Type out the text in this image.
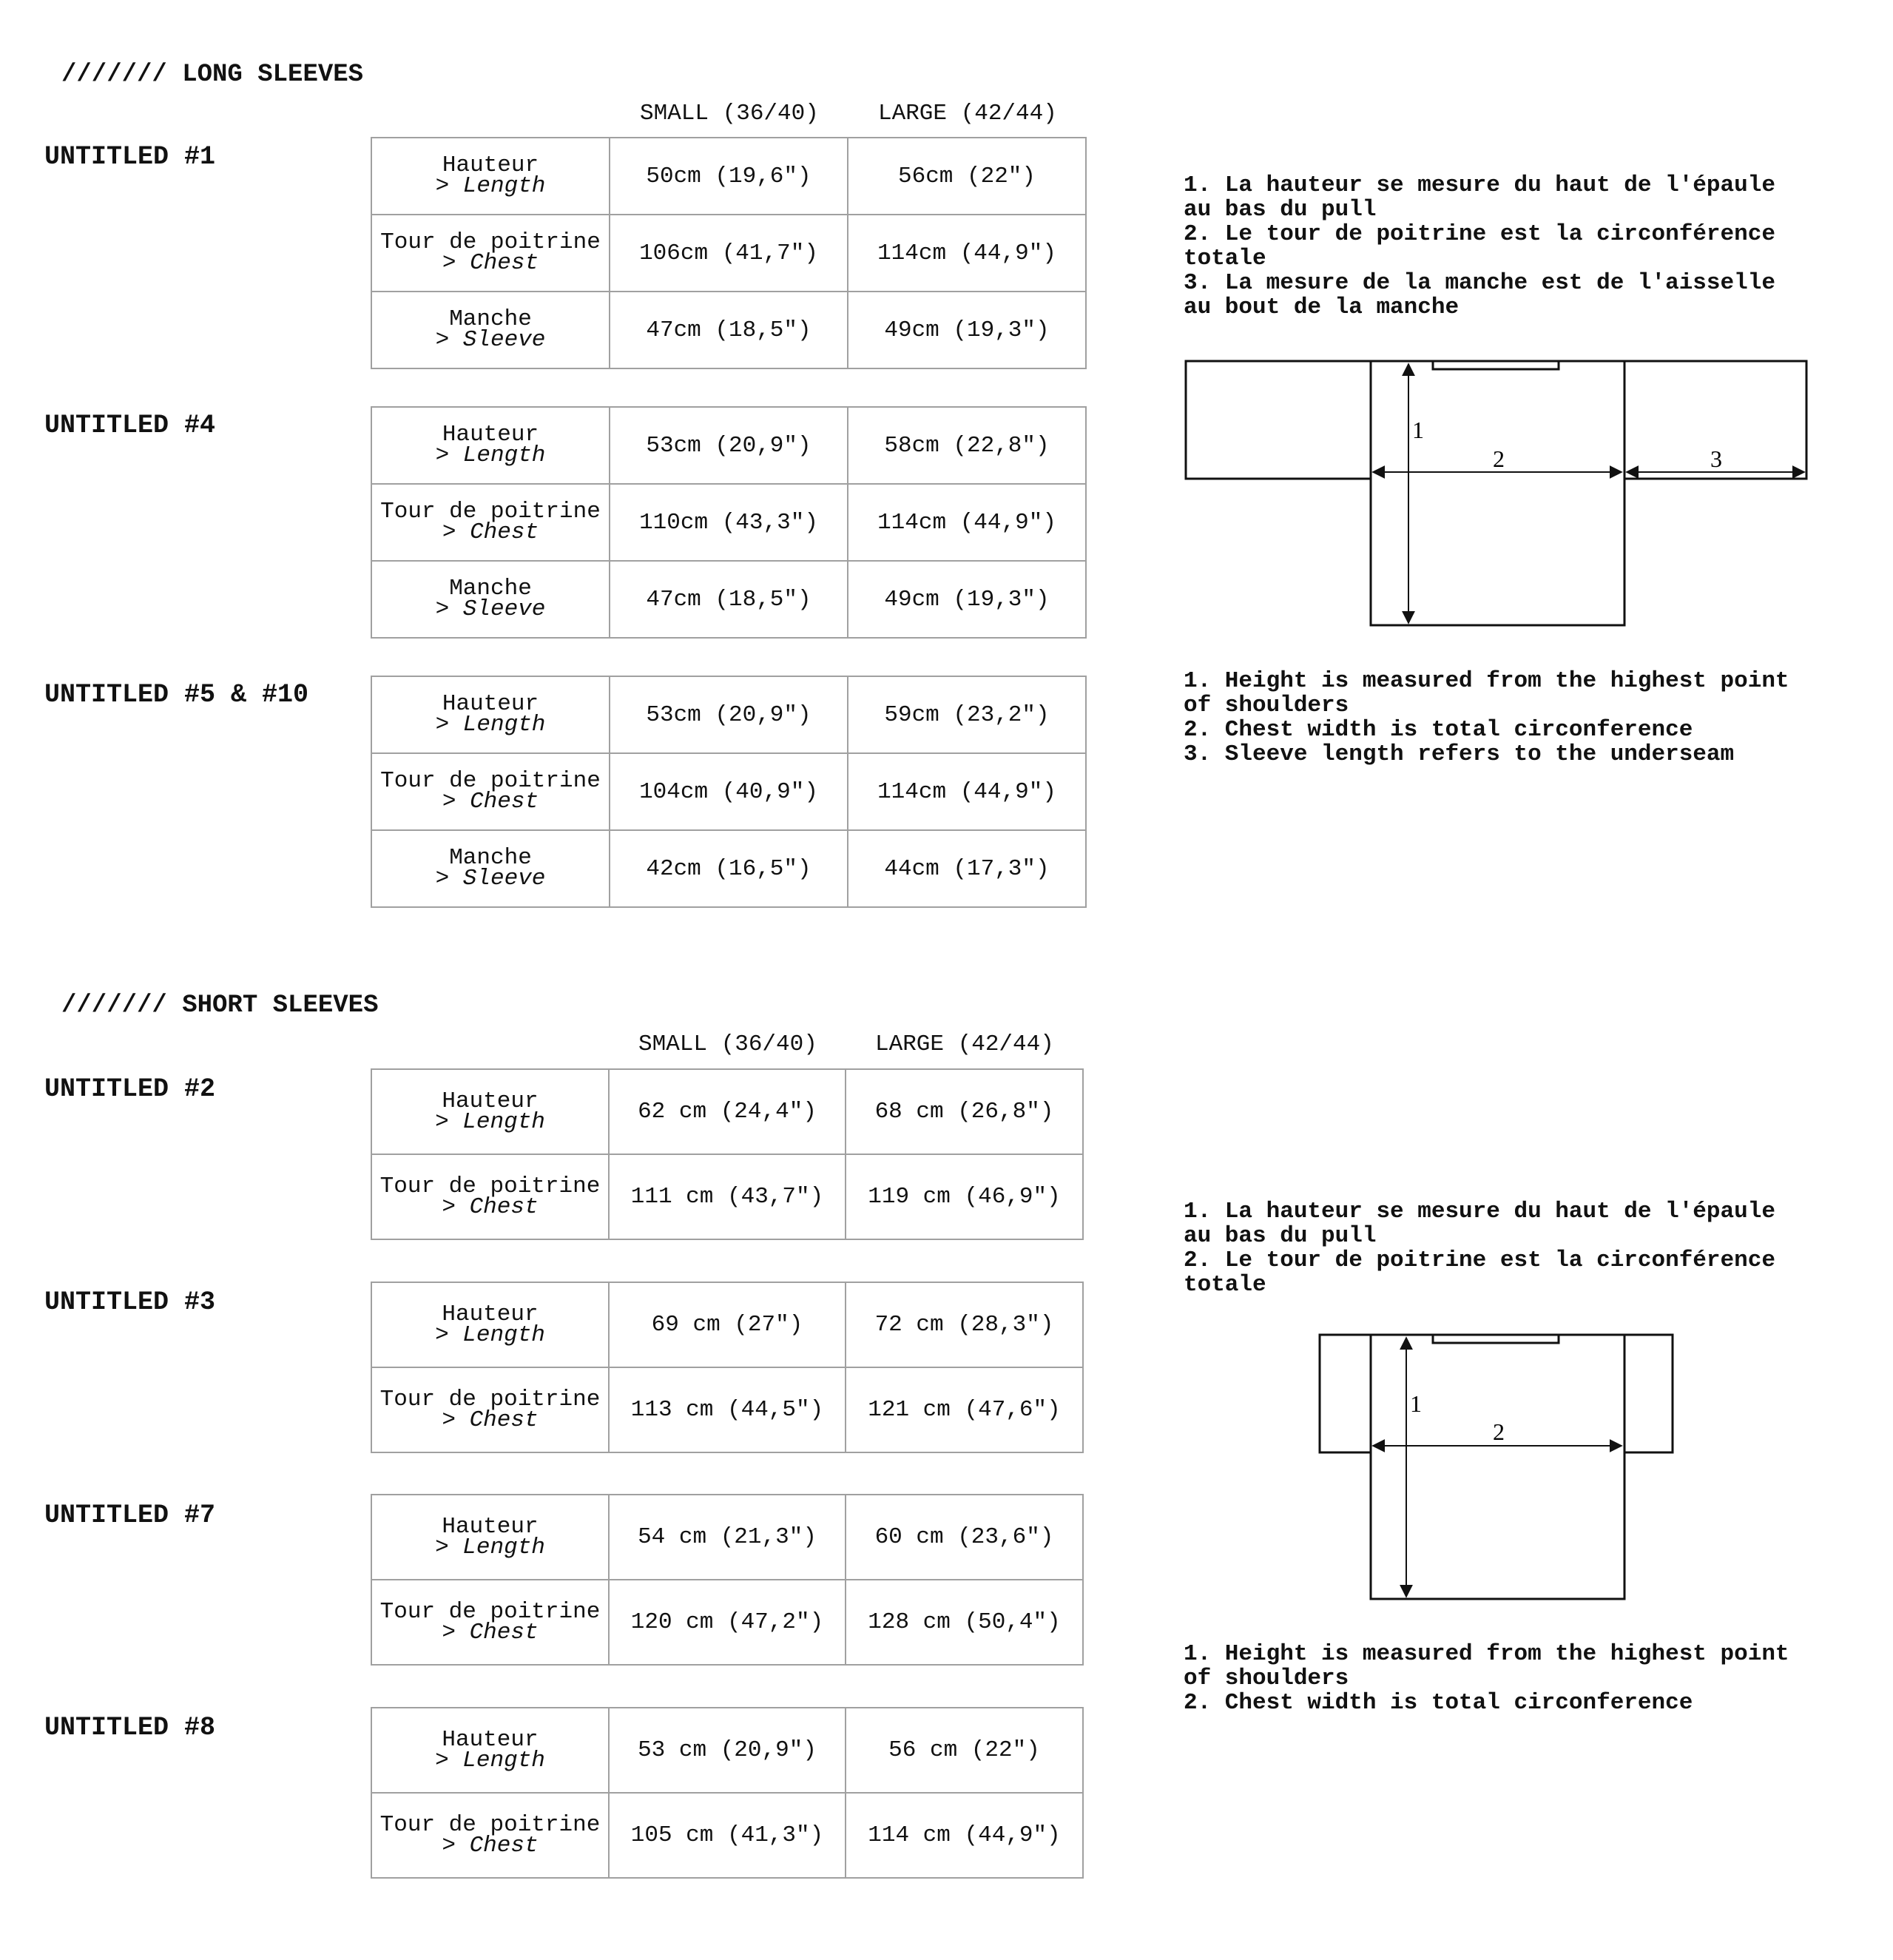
/////// LONG SLEEVES
SMALL (36/40)	LARGE (42/44)
UNTITLED #1	Hauteur
> Length	50cm (19,6")	56cm (22")

Tour de poitrine
> Chest	106cm (41,7")	114cm (44,9")

Manche
> Sleeve	47cm (18,5")	49cm (19,3")
UNTITLED #4	Hauteur
> Length	53cm (20,9")	58cm (22,8")

Tour de poitrine
> Chest	110cm (43,3")	114cm (44,9")

Manche
> Sleeve	47cm (18,5")	49cm (19,3")
UNTITLED #5 & #10	Hauteur
> Length	53cm (20,9")	59cm (23,2")

Tour de poitrine
> Chest	104cm (40,9")	114cm (44,9")

Manche
> Sleeve	42cm (16,5")	44cm (17,3")
1. La hauteur se mesure du haut de l'épaule
au bas du pull
2. Le tour de poitrine est la circonférence
totale
3. La mesure de la manche est de l'aisselle
au bout de la manche
1
2	3
1. Height is measured from the highest point
of shoulders
2. Chest width is total circonference
3. Sleeve length refers to the underseam
/////// SHORT SLEEVES
SMALL (36/40)	LARGE (42/44)
UNTITLED #2	Hauteur
> Length	62 cm (24,4")	68 cm (26,8")

Tour de poitrine
> Chest	111 cm (43,7")	119 cm (46,9")
UNTITLED #3	Hauteur
> Length	69 cm (27")	72 cm (28,3")

Tour de poitrine
> Chest	113 cm (44,5")	121 cm (47,6")
UNTITLED #7	Hauteur
> Length	54 cm (21,3")	60 cm (23,6")

Tour de poitrine
> Chest	120 cm (47,2")	128 cm (50,4")
UNTITLED #8	Hauteur
> Length	53 cm (20,9")	56 cm (22")

Tour de poitrine
> Chest	105 cm (41,3")	114 cm (44,9")
1. La hauteur se mesure du haut de l'épaule
au bas du pull
2. Le tour de poitrine est la circonférence
totale
1
2
1. Height is measured from the highest point
of shoulders
2. Chest width is total circonference
